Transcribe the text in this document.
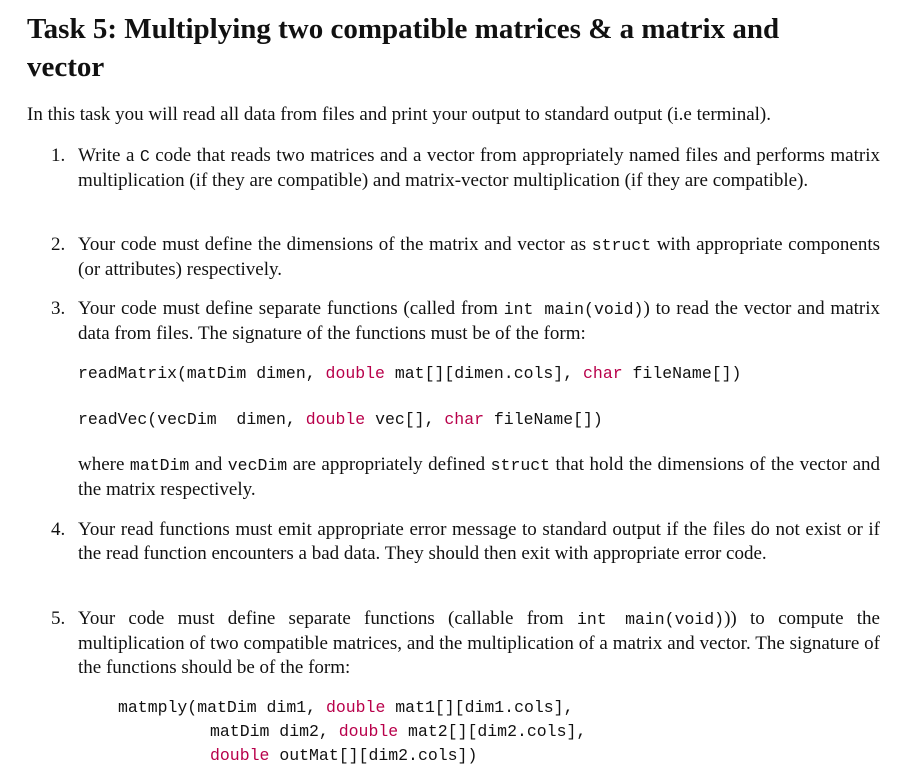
Task 5: Multiplying two compatible matrices & a matrix and
vector

In this task you will read all data from files and print your output to standard output (i.e terminal).

1. Write a C code that reads two matrices and a vector from appropriately named files and performs matrix multiplication (if they are compatible) and matrix-vector multiplication (if they are compatible).
2. Your code must define the dimensions of the matrix and vector as struct with appropriate components (or attributes) respectively.
3. Your code must define separate functions (called from int main(void)) to read the vector and matrix data from files. The signature of the functions must be of the form:
readMatrix(matDim dimen, double mat[][dimen.cols], char fileName[])
readVec(vecDim  dimen, double vec[], char fileName[])
where matDim and vecDim are appropriately defined struct that hold the dimensions of the vector and the matrix respectively.
4. Your read functions must emit appropriate error message to standard output if the files do not exist or if the read function encounters a bad data. They should then exit with appropriate error code.
5. Your code must define separate functions (callable from int main(void))) to compute the multiplication of two compatible matrices, and the multiplication of a matrix and vector. The signature of the functions should be of the form:
matmply(matDim dim1, double mat1[][dim1.cols],
matDim dim2, double mat2[][dim2.cols],
double outMat[][dim2.cols])
